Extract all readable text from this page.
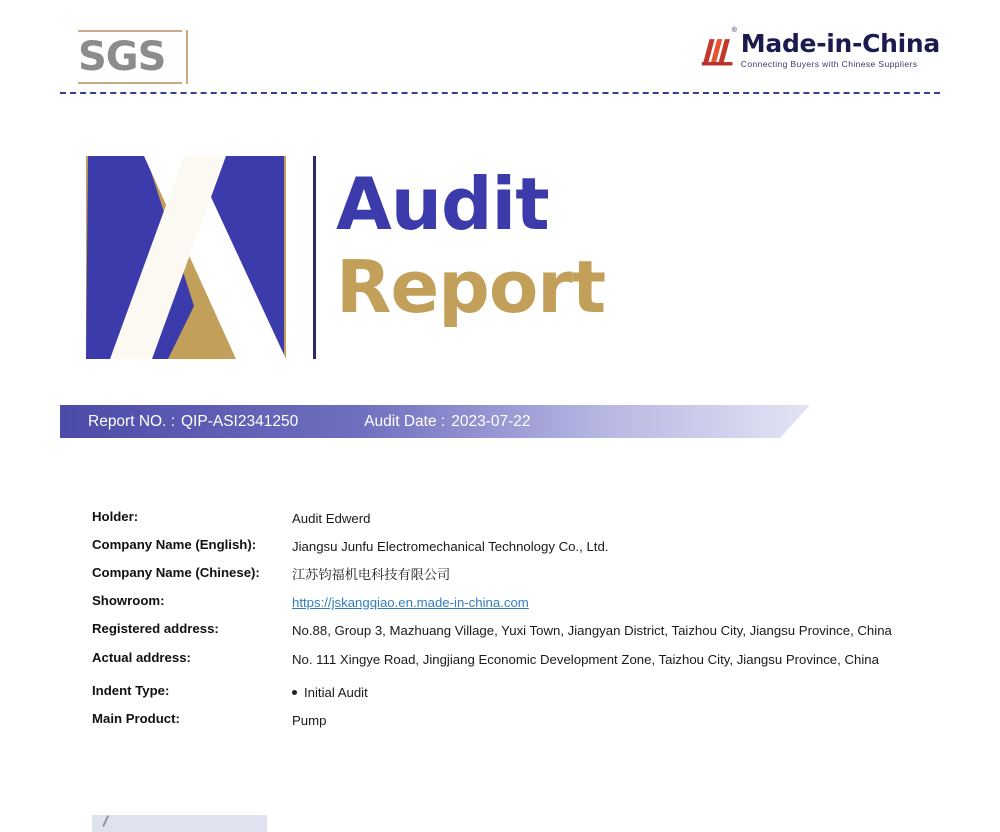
SGS	Made-in-China
®
Connecting Buyers with Chinese Suppliers
Audit
Report
Report NO. : QIP-ASI2341250	Audit Date : 2023-07-22
Holder:	Audit Edwerd
Company Name (English):	Jiangsu Junfu Electromechanical Technology Co., Ltd.
Company Name (Chinese):	江苏钧福机电科技有限公司
Showroom:	https://jskangqiao.en.made-in-china.com
Registered address:	No.88, Group 3, Mazhuang Village, Yuxi Town, Jiangyan District, Taizhou City, Jiangsu Province, China
Actual address:	No. 111 Xingye Road, Jingjiang Economic Development Zone, Taizhou City, Jiangsu Province, China
Indent Type:	Initial Audit
Main Product:	Pump
